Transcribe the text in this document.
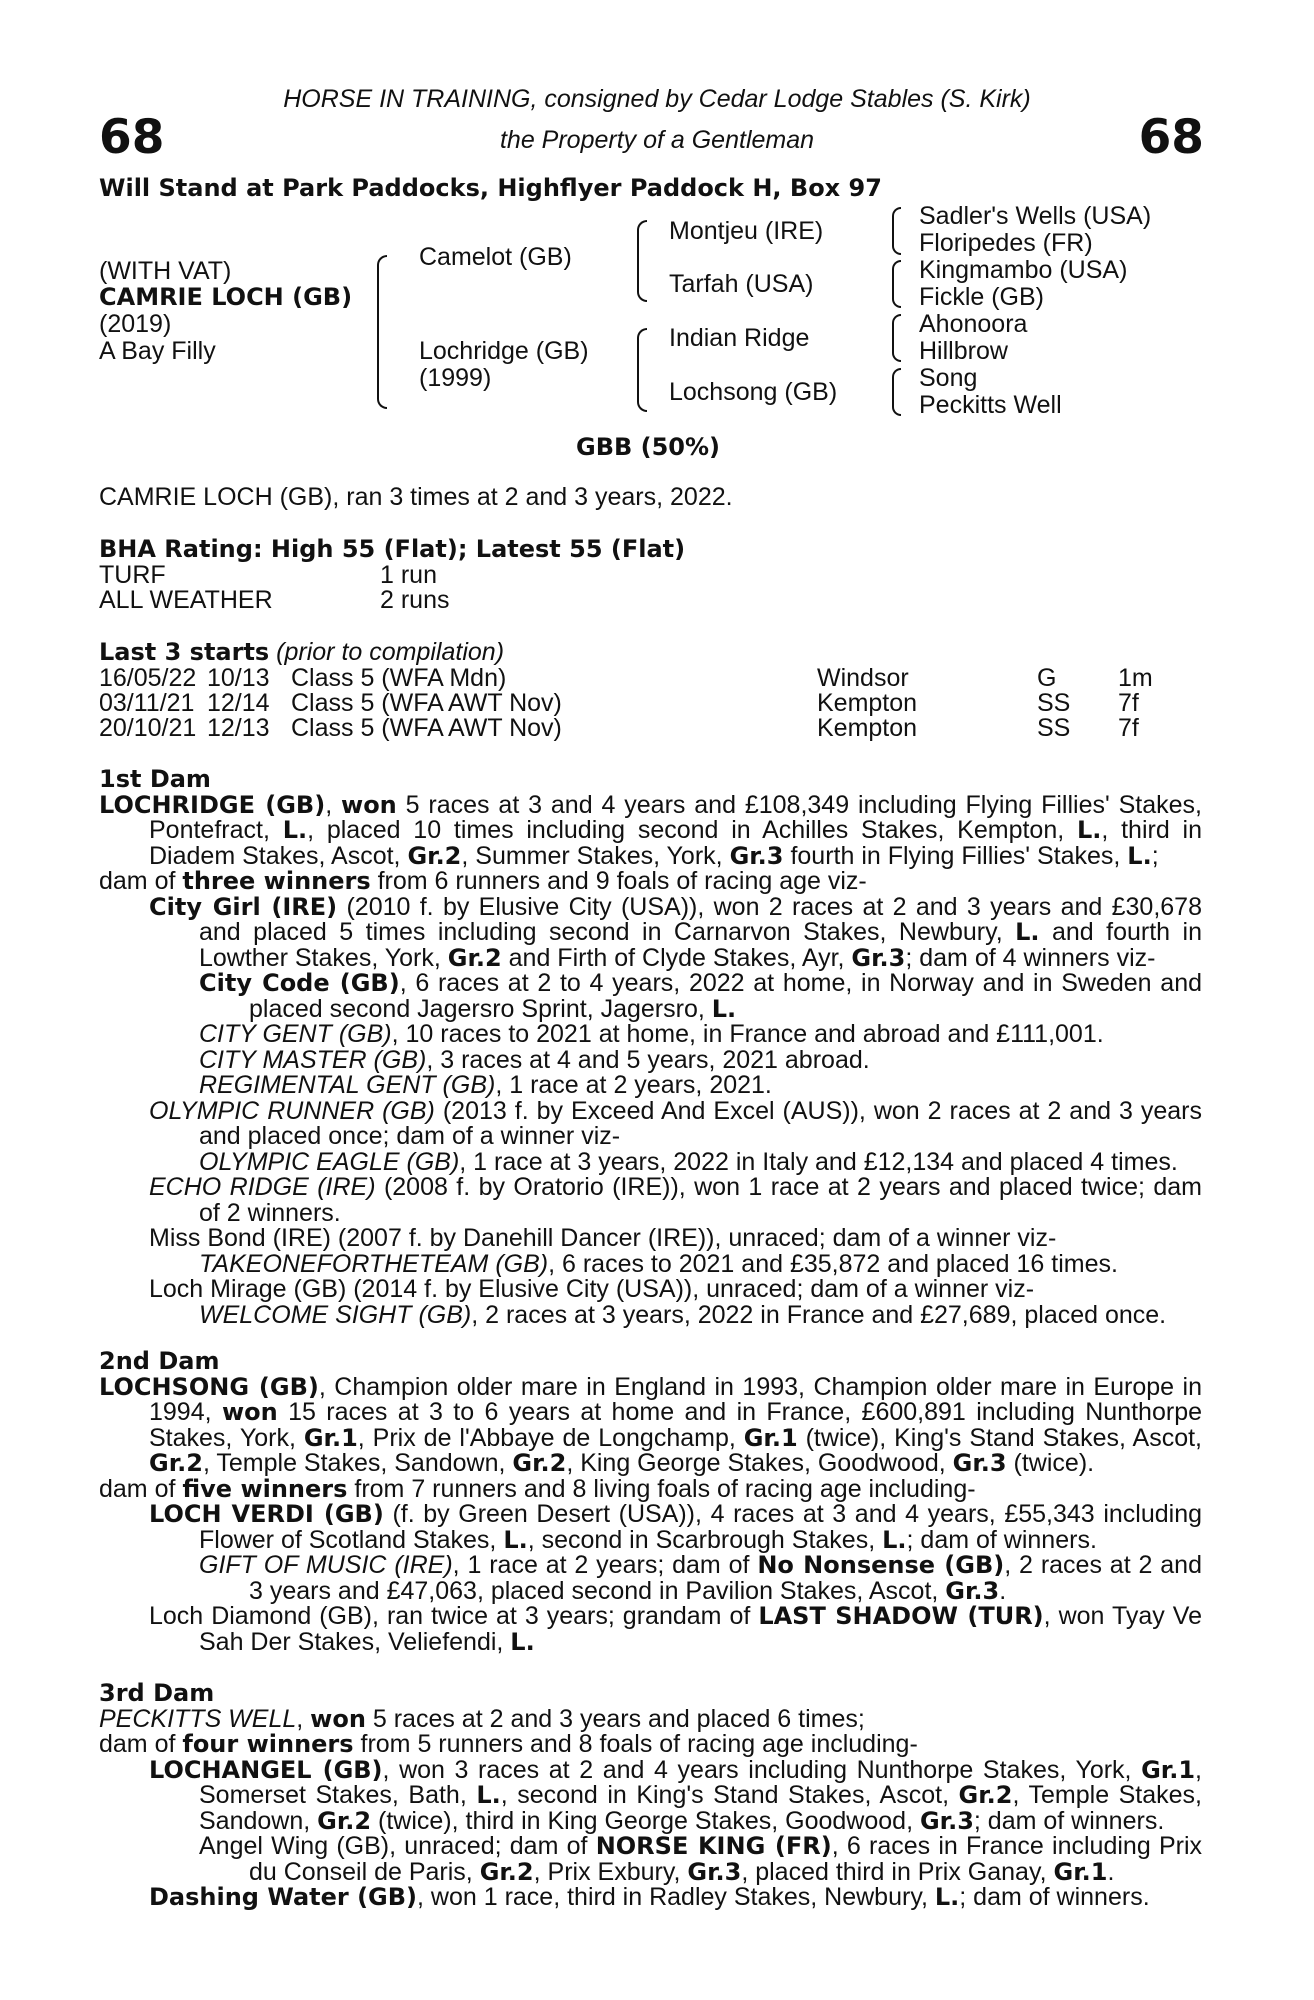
68	68
HORSE IN TRAINING, consigned by Cedar Lodge Stables (S. Kirk)
the Property of a Gentleman
Will Stand at Park Paddocks, Highflyer Paddock H, Box 97
(WITH VAT)
CAMRIE LOCH (GB)
(2019)
A Bay Filly
Camelot (GB)
Lochridge (GB)
(1999)
Montjeu (IRE)
Tarfah (USA)
Indian Ridge
Lochsong (GB)
Sadler's Wells (USA)
Floripedes (FR)
Kingmambo (USA)
Fickle (GB)
Ahonoora
Hillbrow
Song
Peckitts Well
GBB (50%)
CAMRIE LOCH (GB), ran 3 times at 2 and 3 years, 2022.
BHA Rating: High 55 (Flat); Latest 55 (Flat)
TURF	1 run
ALL WEATHER	2 runs
Last 3 starts (prior to compilation)
16/05/22 10/13 Class 5 (WFA Mdn)	Windsor	G 1m
03/11/21 12/14 Class 5 (WFA AWT Nov)	Kempton	SS 7f
20/10/21 12/13 Class 5 (WFA AWT Nov)	Kempton	SS 7f

1st Dam

LOCHRIDGE (GB), won 5 races at 3 and 4 years and £108,349 including Flying Fillies' Stakes, Pontefract, L., placed 10 times including second in Achilles Stakes, Kempton, L., third in Diadem Stakes, Ascot, Gr.2, Summer Stakes, York, Gr.3 fourth in Flying Fillies' Stakes, L.;

dam of three winners from 6 runners and 9 foals of racing age viz-

City Girl (IRE) (2010 f. by Elusive City (USA)), won 2 races at 2 and 3 years and £30,678 and placed 5 times including second in Carnarvon Stakes, Newbury, L. and fourth in Lowther Stakes, York, Gr.2 and Firth of Clyde Stakes, Ayr, Gr.3; dam of 4 winners viz-

City Code (GB), 6 races at 2 to 4 years, 2022 at home, in Norway and in Sweden and placed second Jagersro Sprint, Jagersro, L.

CITY GENT (GB), 10 races to 2021 at home, in France and abroad and £111,001.

CITY MASTER (GB), 3 races at 4 and 5 years, 2021 abroad.

REGIMENTAL GENT (GB), 1 race at 2 years, 2021.

OLYMPIC RUNNER (GB) (2013 f. by Exceed And Excel (AUS)), won 2 races at 2 and 3 years and placed once; dam of a winner viz-

OLYMPIC EAGLE (GB), 1 race at 3 years, 2022 in Italy and £12,134 and placed 4 times.

ECHO RIDGE (IRE) (2008 f. by Oratorio (IRE)), won 1 race at 2 years and placed twice; dam of 2 winners.

Miss Bond (IRE) (2007 f. by Danehill Dancer (IRE)), unraced; dam of a winner viz-

TAKEONEFORTHETEAM (GB), 6 races to 2021 and £35,872 and placed 16 times.

Loch Mirage (GB) (2014 f. by Elusive City (USA)), unraced; dam of a winner viz-

WELCOME SIGHT (GB), 2 races at 3 years, 2022 in France and £27,689, placed once.

2nd Dam

LOCHSONG (GB), Champion older mare in England in 1993, Champion older mare in Europe in 1994, won 15 races at 3 to 6 years at home and in France, £600,891 including Nunthorpe Stakes, York, Gr.1, Prix de l'Abbaye de Longchamp, Gr.1 (twice), King's Stand Stakes, Ascot, Gr.2, Temple Stakes, Sandown, Gr.2, King George Stakes, Goodwood, Gr.3 (twice).

dam of five winners from 7 runners and 8 living foals of racing age including-

LOCH VERDI (GB) (f. by Green Desert (USA)), 4 races at 3 and 4 years, £55,343 including Flower of Scotland Stakes, L., second in Scarbrough Stakes, L.; dam of winners.

GIFT OF MUSIC (IRE), 1 race at 2 years; dam of No Nonsense (GB), 2 races at 2 and 3 years and £47,063, placed second in Pavilion Stakes, Ascot, Gr.3.

Loch Diamond (GB), ran twice at 3 years; grandam of LAST SHADOW (TUR), won Tyay Ve Sah Der Stakes, Veliefendi, L.

3rd Dam

PECKITTS WELL, won 5 races at 2 and 3 years and placed 6 times;

dam of four winners from 5 runners and 8 foals of racing age including-

LOCHANGEL (GB), won 3 races at 2 and 4 years including Nunthorpe Stakes, York, Gr.1, Somerset Stakes, Bath, L., second in King's Stand Stakes, Ascot, Gr.2, Temple Stakes, Sandown, Gr.2 (twice), third in King George Stakes, Goodwood, Gr.3; dam of winners.

Angel Wing (GB), unraced; dam of NORSE KING (FR), 6 races in France including Prix du Conseil de Paris, Gr.2, Prix Exbury, Gr.3, placed third in Prix Ganay, Gr.1.

Dashing Water (GB), won 1 race, third in Radley Stakes, Newbury, L.; dam of winners.
